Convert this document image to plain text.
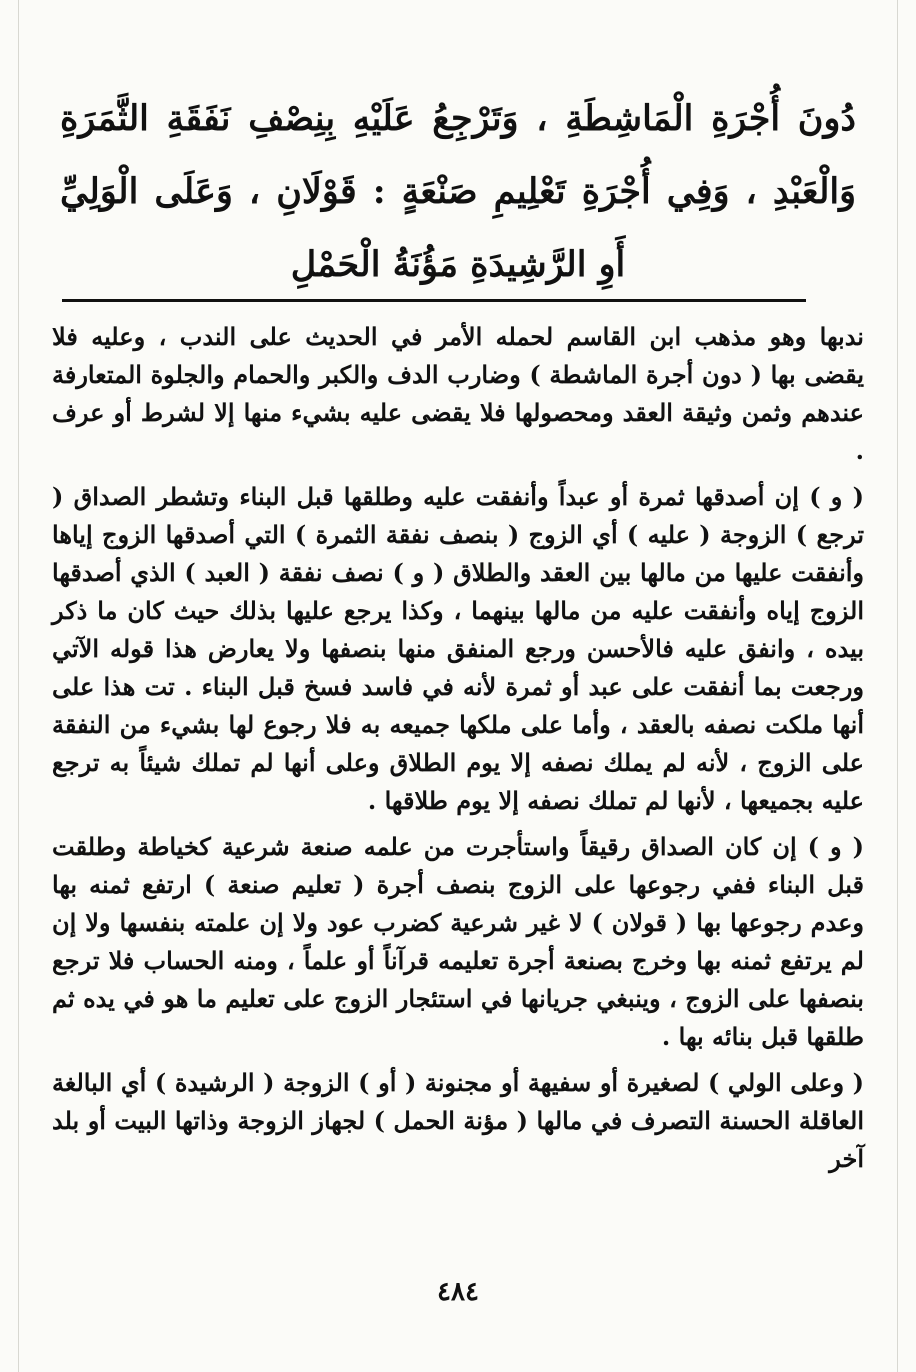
دُونَ أُجْرَةِ الْمَاشِطَةِ ، وَتَرْجِعُ عَلَيْهِ بِنِصْفِ نَفَقَةِ الثَّمَرَةِ وَالْعَبْدِ ، وَفِي أُجْرَةِ تَعْلِيمِ صَنْعَةٍ : قَوْلَانِ ، وَعَلَى الْوَلِيِّ أَوِ الرَّشِيدَةِ مَؤُنَةُ الْحَمْلِ

ندبها وهو مذهب ابن القاسم لحمله الأمر في الحديث على الندب ، وعليه فلا يقضى بها ( دون أجرة الماشطة ) وضارب الدف والكبر والحمام والجلوة المتعارفة عندهم وثمن وثيقة العقد ومحصولها فلا يقضى عليه بشيء منها إلا لشرط أو عرف .

( و ) إن أصدقها ثمرة أو عبداً وأنفقت عليه وطلقها قبل البناء وتشطر الصداق ( ترجع ) الزوجة ( عليه ) أي الزوج ( بنصف نفقة الثمرة ) التي أصدقها الزوج إياها وأنفقت عليها من مالها بين العقد والطلاق ( و ) نصف نفقة ( العبد ) الذي أصدقها الزوج إياه وأنفقت عليه من مالها بينهما ، وكذا يرجع عليها بذلك حيث كان ما ذكر بيده ، وانفق عليه فالأحسن ورجع المنفق منها بنصفها ولا يعارض هذا قوله الآتي ورجعت بما أنفقت على عبد أو ثمرة لأنه في فاسد فسخ قبل البناء . تت هذا على أنها ملكت نصفه بالعقد ، وأما على ملكها جميعه به فلا رجوع لها بشيء من النفقة على الزوج ، لأنه لم يملك نصفه إلا يوم الطلاق وعلى أنها لم تملك شيئاً به ترجع عليه بجميعها ، لأنها لم تملك نصفه إلا يوم طلاقها .

( و ) إن كان الصداق رقيقاً واستأجرت من علمه صنعة شرعية كخياطة وطلقت قبل البناء ففي رجوعها على الزوج بنصف أجرة ( تعليم صنعة ) ارتفع ثمنه بها وعدم رجوعها بها ( قولان ) لا غير شرعية كضرب عود ولا إن علمته بنفسها ولا إن لم يرتفع ثمنه بها وخرج بصنعة أجرة تعليمه قرآناً أو علماً ، ومنه الحساب فلا ترجع بنصفها على الزوج ، وينبغي جريانها في استئجار الزوج على تعليم ما هو في يده ثم طلقها قبل بنائه بها .

( وعلى الولي ) لصغيرة أو سفيهة أو مجنونة ( أو ) الزوجة ( الرشيدة ) أي البالغة العاقلة الحسنة التصرف في مالها ( مؤنة الحمل ) لجهاز الزوجة وذاتها البيت أو بلد آخر

٤٨٤
